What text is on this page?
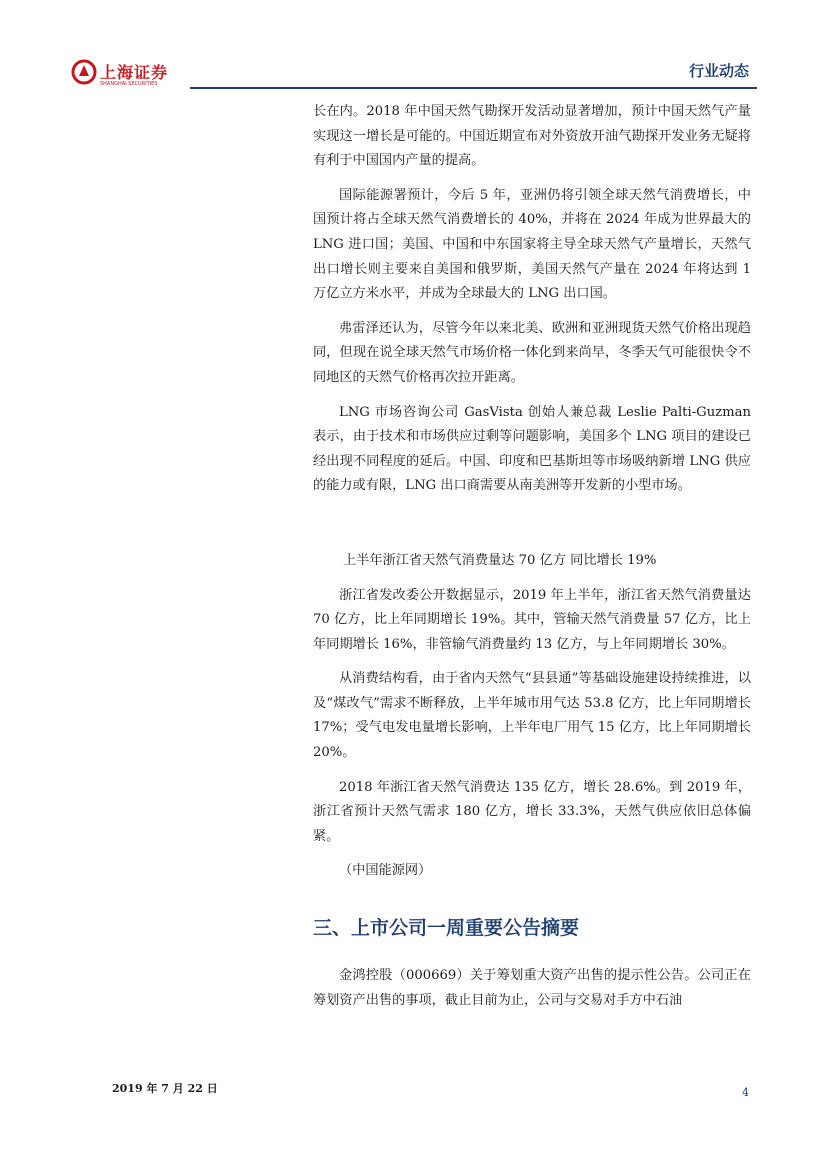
上海证券
SHANGHAI SECURITIES
行业动态

长在内。2018 年中国天然气勘探开发活动显著增加，预计中国天然气产量实现这一增长是可能的。中国近期宣布对外资放开油气勘探开发业务无疑将有利于中国国内产量的提高。

国际能源署预计，今后 5 年，亚洲仍将引领全球天然气消费增长，中国预计将占全球天然气消费增长的 40%，并将在 2024 年成为世界最大的 LNG 进口国；美国、中国和中东国家将主导全球天然气产量增长，天然气出口增长则主要来自美国和俄罗斯，美国天然气产量在 2024 年将达到 1 万亿立方米水平，并成为全球最大的 LNG 出口国。

弗雷泽还认为，尽管今年以来北美、欧洲和亚洲现货天然气价格出现趋同，但现在说全球天然气市场价格一体化到来尚早，冬季天气可能很快令不同地区的天然气价格再次拉开距离。

LNG 市场咨询公司 GasVista 创始人兼总裁 Leslie Palti-Guzman 表示，由于技术和市场供应过剩等问题影响，美国多个 LNG 项目的建设已经出现不同程度的延后。中国、印度和巴基斯坦等市场吸纳新增 LNG 供应的能力或有限，LNG 出口商需要从南美洲等开发新的小型市场。

上半年浙江省天然气消费量达 70 亿方 同比增长 19%

浙江省发改委公开数据显示，2019 年上半年，浙江省天然气消费量达 70 亿方，比上年同期增长 19%。其中，管输天然气消费量 57 亿方，比上年同期增长 16%，非管输气消费量约 13 亿方，与上年同期增长 30%。

从消费结构看，由于省内天然气“县县通”等基础设施建设持续推进，以及“煤改气”需求不断释放，上半年城市用气达 53.8 亿方，比上年同期增长 17%；受气电发电量增长影响，上半年电厂用气 15 亿方，比上年同期增长 20%。

2018 年浙江省天然气消费达 135 亿方，增长 28.6%。到 2019 年，浙江省预计天然气需求 180 亿方，增长 33.3%，天然气供应依旧总体偏紧。

（中国能源网）

三、上市公司一周重要公告摘要

金鸿控股（000669）关于筹划重大资产出售的提示性公告。公司正在筹划资产出售的事项，截止目前为止，公司与交易对手方中石油

2019 年 7 月 22 日	4
